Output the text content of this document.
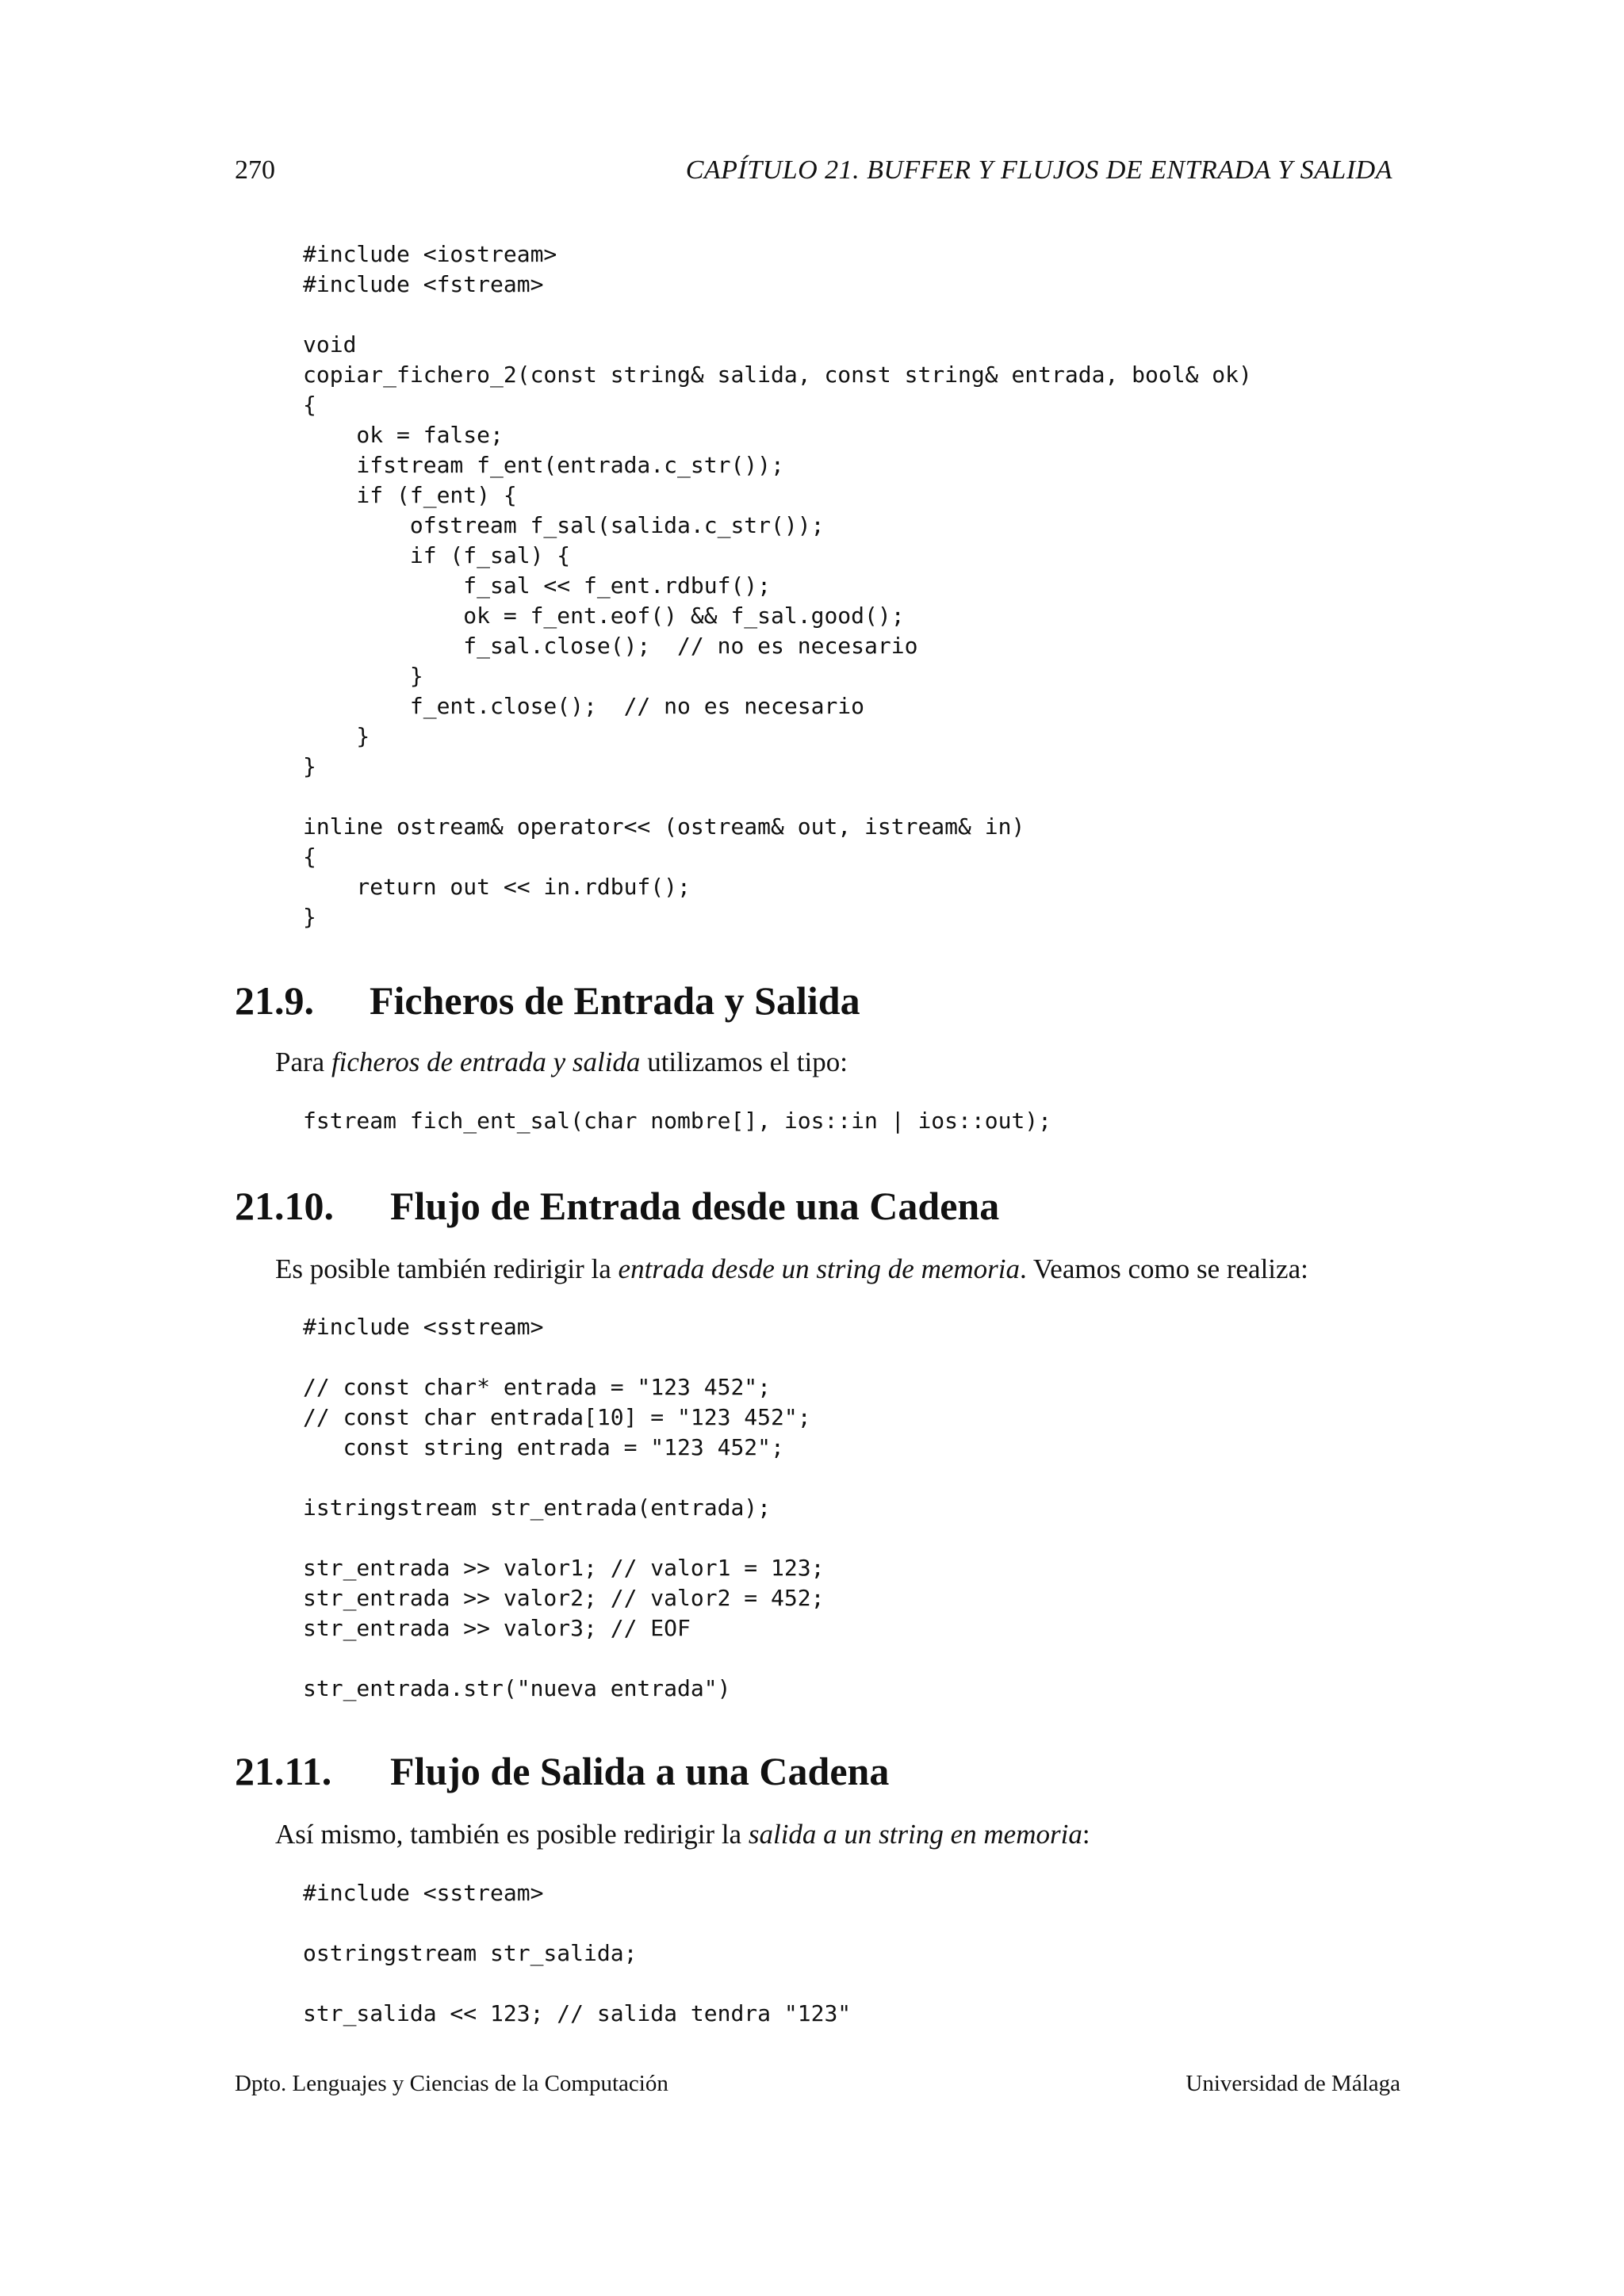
270	CAPÍTULO 21. BUFFER Y FLUJOS DE ENTRADA Y SALIDA
#include <iostream>
#include <fstream>
void
copiar_fichero_2(const string& salida, const string& entrada, bool& ok)
{
ok = false;
ifstream f_ent(entrada.c_str());
if (f_ent) {
ofstream f_sal(salida.c_str());
if (f_sal) {
f_sal << f_ent.rdbuf();
ok = f_ent.eof() && f_sal.good();
f_sal.close();  // no es necesario
}
f_ent.close();  // no es necesario
}
}
inline ostream& operator<< (ostream& out, istream& in)
{
return out << in.rdbuf();
}
21.9. Ficheros de Entrada y Salida
Para ficheros de entrada y salida utilizamos el tipo:
fstream fich_ent_sal(char nombre[], ios::in | ios::out);
21.10. Flujo de Entrada desde una Cadena
Es posible también redirigir la entrada desde un string de memoria. Veamos como se realiza:
#include <sstream>
// const char* entrada = "123 452";
// const char entrada[10] = "123 452";
const string entrada = "123 452";
istringstream str_entrada(entrada);
str_entrada >> valor1; // valor1 = 123;
str_entrada >> valor2; // valor2 = 452;
str_entrada >> valor3; // EOF
str_entrada.str("nueva entrada")
21.11. Flujo de Salida a una Cadena
Así mismo, también es posible redirigir la salida a un string en memoria:
#include <sstream>
ostringstream str_salida;
str_salida << 123; // salida tendra "123"
Dpto. Lenguajes y Ciencias de la Computación	Universidad de Málaga
